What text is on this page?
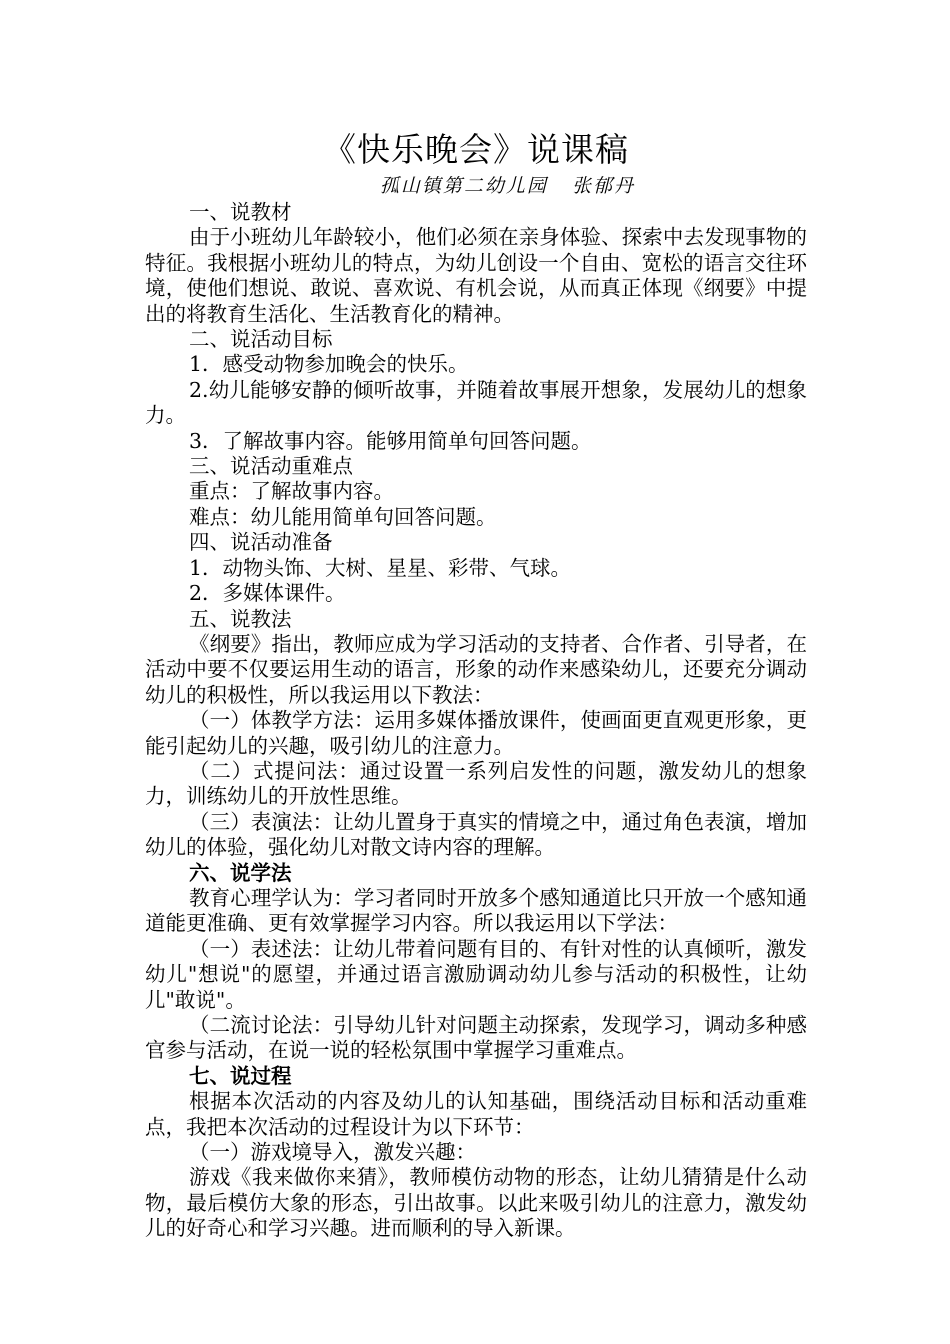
《快乐晚会》说课稿
孤山镇第二幼儿园   张郁丹

一、说教材

由于小班幼儿年龄较小，他们必须在亲身体验、探索中去发现事物的特征。我根据小班幼儿的特点，为幼儿创设一个自由、宽松的语言交往环境，使他们想说、敢说、喜欢说、有机会说，从而真正体现《纲要》中提出的将教育生活化、生活教育化的精神。

二、说活动目标

1．感受动物参加晚会的快乐。

2.幼儿能够安静的倾听故事，并随着故事展开想象，发展幼儿的想象力。

3．了解故事内容。能够用简单句回答问题。

三、说活动重难点

重点：了解故事内容。

难点：幼儿能用简单句回答问题。

四、说活动准备

1．动物头饰、大树、星星、彩带、气球。

2．多媒体课件。

五、说教法

《纲要》指出，教师应成为学习活动的支持者、合作者、引导者，在活动中要不仅要运用生动的语言，形象的动作来感染幼儿，还要充分调动幼儿的积极性，所以我运用以下教法：

（一）体教学方法：运用多媒体播放课件，使画面更直观更形象，更能引起幼儿的兴趣，吸引幼儿的注意力。

（二）式提问法：通过设置一系列启发性的问题，激发幼儿的想象力，训练幼儿的开放性思维。

（三）表演法：让幼儿置身于真实的情境之中，通过角色表演，增加幼儿的体验，强化幼儿对散文诗内容的理解。

六、说学法

教育心理学认为：学习者同时开放多个感知通道比只开放一个感知通道能更准确、更有效掌握学习内容。所以我运用以下学法：

（一）表述法：让幼儿带着问题有目的、有针对性的认真倾听，激发幼儿"想说"的愿望，并通过语言激励调动幼儿参与活动的积极性，让幼儿"敢说"。

（二流讨论法：引导幼儿针对问题主动探索，发现学习，调动多种感官参与活动，在说一说的轻松氛围中掌握学习重难点。

七、说过程

根据本次活动的内容及幼儿的认知基础，围绕活动目标和活动重难点，我把本次活动的过程设计为以下环节：

（一）游戏境导入，激发兴趣：

游戏《我来做你来猜》，教师模仿动物的形态，让幼儿猜猜是什么动物，最后模仿大象的形态，引出故事。以此来吸引幼儿的注意力，激发幼儿的好奇心和学习兴趣。进而顺利的导入新课。
